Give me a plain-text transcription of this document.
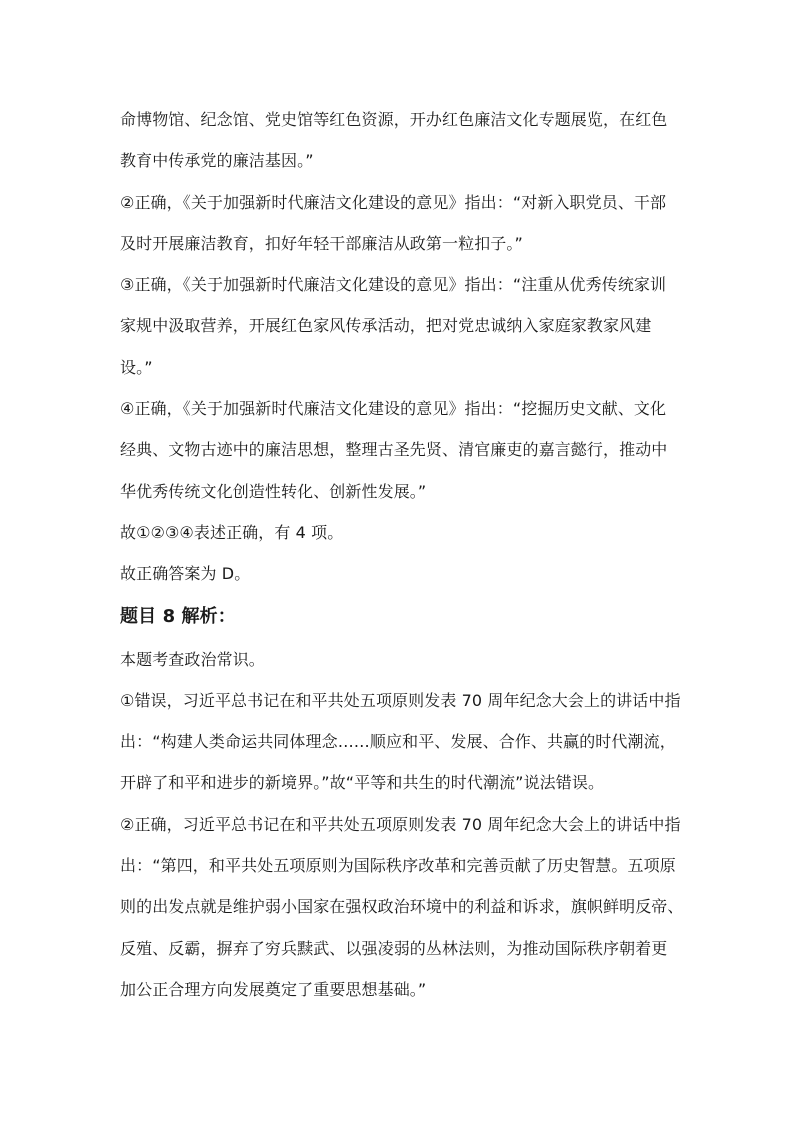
命博物馆、纪念馆、党史馆等红色资源，开办红色廉洁文化专题展览，在红色
教育中传承党的廉洁基因。”
②正确，《关于加强新时代廉洁文化建设的意见》指出：“对新入职党员、干部
及时开展廉洁教育，扣好年轻干部廉洁从政第一粒扣子。”
③正确，《关于加强新时代廉洁文化建设的意见》指出：“注重从优秀传统家训
家规中汲取营养，开展红色家风传承活动，把对党忠诚纳入家庭家教家风建
设。”
④正确，《关于加强新时代廉洁文化建设的意见》指出：“挖掘历史文献、文化
经典、文物古迹中的廉洁思想，整理古圣先贤、清官廉吏的嘉言懿行，推动中
华优秀传统文化创造性转化、创新性发展。”
故①②③④表述正确，有 4 项。
故正确答案为 D。
题目 8 解析：
本题考查政治常识。
①错误，习近平总书记在和平共处五项原则发表 70 周年纪念大会上的讲话中指
出：“构建人类命运共同体理念……顺应和平、发展、合作、共赢的时代潮流，
开辟了和平和进步的新境界。”故“平等和共生的时代潮流”说法错误。
②正确，习近平总书记在和平共处五项原则发表 70 周年纪念大会上的讲话中指
出：“第四，和平共处五项原则为国际秩序改革和完善贡献了历史智慧。五项原
则的出发点就是维护弱小国家在强权政治环境中的利益和诉求，旗帜鲜明反帝、
反殖、反霸，摒弃了穷兵黩武、以强凌弱的丛林法则，为推动国际秩序朝着更
加公正合理方向发展奠定了重要思想基础。”
